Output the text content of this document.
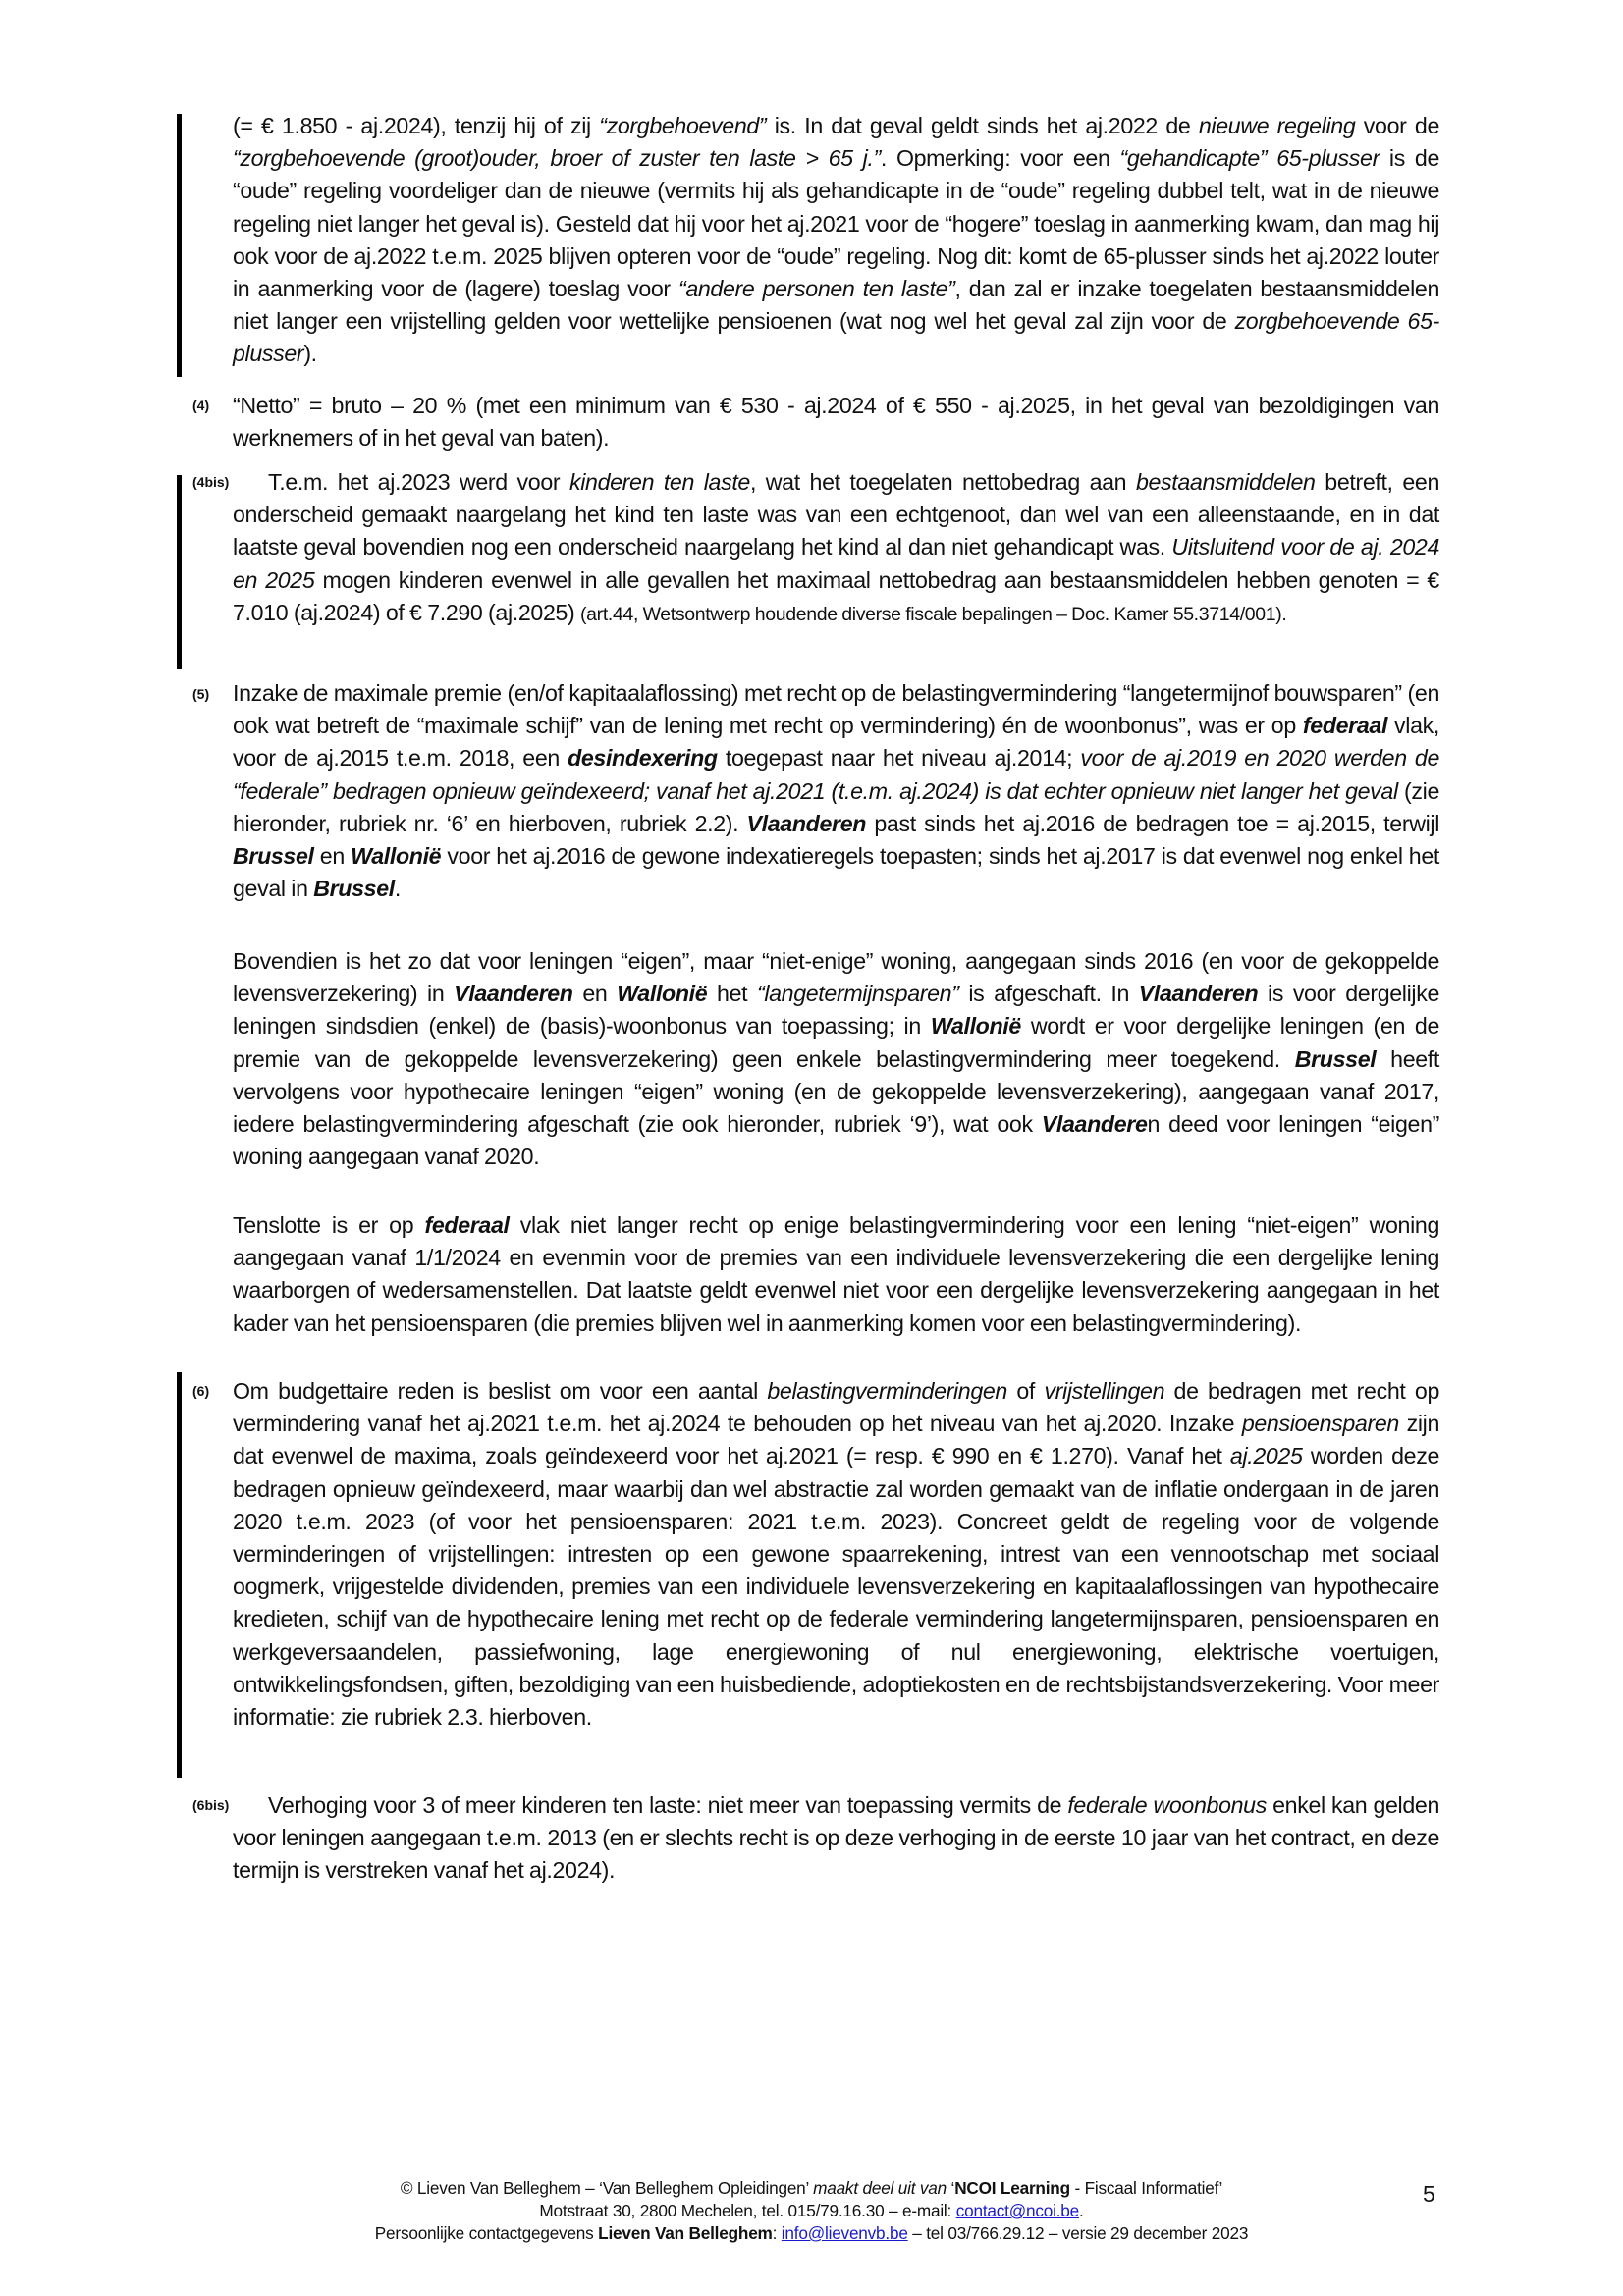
(= € 1.850 - aj.2024), tenzij hij of zij “zorgbehoevend” is. In dat geval geldt sinds het aj.2022 de nieuwe regeling voor de “zorgbehoevende (groot)ouder, broer of zuster ten laste > 65 j.”. Opmerking: voor een “gehandicapte” 65-plusser is de “oude” regeling voordeliger dan de nieuwe (vermits hij als gehandicapte in de “oude” regeling dubbel telt, wat in de nieuwe regeling niet langer het geval is). Gesteld dat hij voor het aj.2021 voor de “hogere” toeslag in aanmerking kwam, dan mag hij ook voor de aj.2022 t.e.m. 2025 blijven opteren voor de “oude” regeling. Nog dit: komt de 65-plusser sinds het aj.2022 louter in aanmerking voor de (lagere) toeslag voor “andere personen ten laste”, dan zal er inzake toegelaten bestaansmiddelen niet langer een vrijstelling gelden voor wettelijke pensioenen (wat nog wel het geval zal zijn voor de zorgbehoevende 65-plusser).
(4) “Netto” = bruto – 20 % (met een minimum van € 530 - aj.2024 of € 550 - aj.2025, in het geval van bezoldigingen van werknemers of in het geval van baten).
(4bis)	T.e.m. het aj.2023 werd voor kinderen ten laste, wat het toegelaten nettobedrag aan bestaansmiddelen betreft, een onderscheid gemaakt naargelang het kind ten laste was van een echtgenoot, dan wel van een alleenstaande, en in dat laatste geval bovendien nog een onderscheid naargelang het kind al dan niet gehandicapt was. Uitsluitend voor de aj. 2024 en 2025 mogen kinderen evenwel in alle gevallen het maximaal nettobedrag aan bestaansmiddelen hebben genoten = € 7.010 (aj.2024) of € 7.290 (aj.2025) (art.44, Wetsontwerp houdende diverse fiscale bepalingen – Doc. Kamer 55.3714/001).
(5) Inzake de maximale premie (en/of kapitaalaflossing) met recht op de belastingvermindering “langetermijnof bouwsparen” (en ook wat betreft de “maximale schijf” van de lening met recht op vermindering) én de woonbonus”, was er op federaal vlak, voor de aj.2015 t.e.m. 2018, een desindexering toegepast naar het niveau aj.2014; voor de aj.2019 en 2020 werden de “federale” bedragen opnieuw geïndexeerd; vanaf het aj.2021 (t.e.m. aj.2024) is dat echter opnieuw niet langer het geval (zie hieronder, rubriek nr. ‘6’ en hierboven, rubriek 2.2). Vlaanderen past sinds het aj.2016 de bedragen toe = aj.2015, terwijl Brussel en Wallonië voor het aj.2016 de gewone indexatieregels toepasten; sinds het aj.2017 is dat evenwel nog enkel het geval in Brussel.
Bovendien is het zo dat voor leningen “eigen”, maar “niet-enige” woning, aangegaan sinds 2016 (en voor de gekoppelde levensverzekering) in Vlaanderen en Wallonië het “langetermijnsparen” is afgeschaft. In Vlaanderen is voor dergelijke leningen sindsdien (enkel) de (basis)-woonbonus van toepassing; in Wallonië wordt er voor dergelijke leningen (en de premie van de gekoppelde levensverzekering) geen enkele belastingvermindering meer toegekend. Brussel heeft vervolgens voor hypothecaire leningen “eigen” woning (en de gekoppelde levensverzekering), aangegaan vanaf 2017, iedere belastingvermindering afgeschaft (zie ook hieronder, rubriek ‘9’), wat ook Vlaanderen deed voor leningen “eigen” woning aangegaan vanaf 2020.
Tenslotte is er op federaal vlak niet langer recht op enige belastingvermindering voor een lening “niet-eigen” woning aangegaan vanaf 1/1/2024 en evenmin voor de premies van een individuele levensverzekering die een dergelijke lening waarborgen of wedersamenstellen. Dat laatste geldt evenwel niet voor een dergelijke levensverzekering aangegaan in het kader van het pensioensparen (die premies blijven wel in aanmerking komen voor een belastingvermindering).
(6) Om budgettaire reden is beslist om voor een aantal belastingverminderingen of vrijstellingen de bedragen met recht op vermindering vanaf het aj.2021 t.e.m. het aj.2024 te behouden op het niveau van het aj.2020. Inzake pensioensparen zijn dat evenwel de maxima, zoals geïndexeerd voor het aj.2021 (= resp. € 990 en € 1.270). Vanaf het aj.2025 worden deze bedragen opnieuw geïndexeerd, maar waarbij dan wel abstractie zal worden gemaakt van de inflatie ondergaan in de jaren 2020 t.e.m. 2023 (of voor het pensioensparen: 2021 t.e.m. 2023). Concreet geldt de regeling voor de volgende verminderingen of vrijstellingen: intresten op een gewone spaarrekening, intrest van een vennootschap met sociaal oogmerk, vrijgestelde dividenden, premies van een individuele levensverzekering en kapitaalaflossingen van hypothecaire kredieten, schijf van de hypothecaire lening met recht op de federale vermindering langetermijnsparen, pensioensparen en werkgeversaandelen, passiefwoning, lage energiewoning of nul energiewoning, elektrische voertuigen, ontwikkelingsfondsen, giften, bezoldiging van een huisbediende, adoptiekosten en de rechtsbijstandsverzekering. Voor meer informatie: zie rubriek 2.3. hierboven.
(6bis)	Verhoging voor 3 of meer kinderen ten laste: niet meer van toepassing vermits de federale woonbonus enkel kan gelden voor leningen aangegaan t.e.m. 2013 (en er slechts recht is op deze verhoging in de eerste 10 jaar van het contract, en deze termijn is verstreken vanaf het aj.2024).
© Lieven Van Belleghem – ‘Van Belleghem Opleidingen’ maakt deel uit van ‘NCOI Learning - Fiscaal Informatief’
Motstraat 30, 2800 Mechelen, tel. 015/79.16.30 – e-mail: contact@ncoi.be.
Persoonlijke contactgegevens Lieven Van Belleghem: info@lievenvb.be – tel 03/766.29.12 – versie 29 december 2023
5
